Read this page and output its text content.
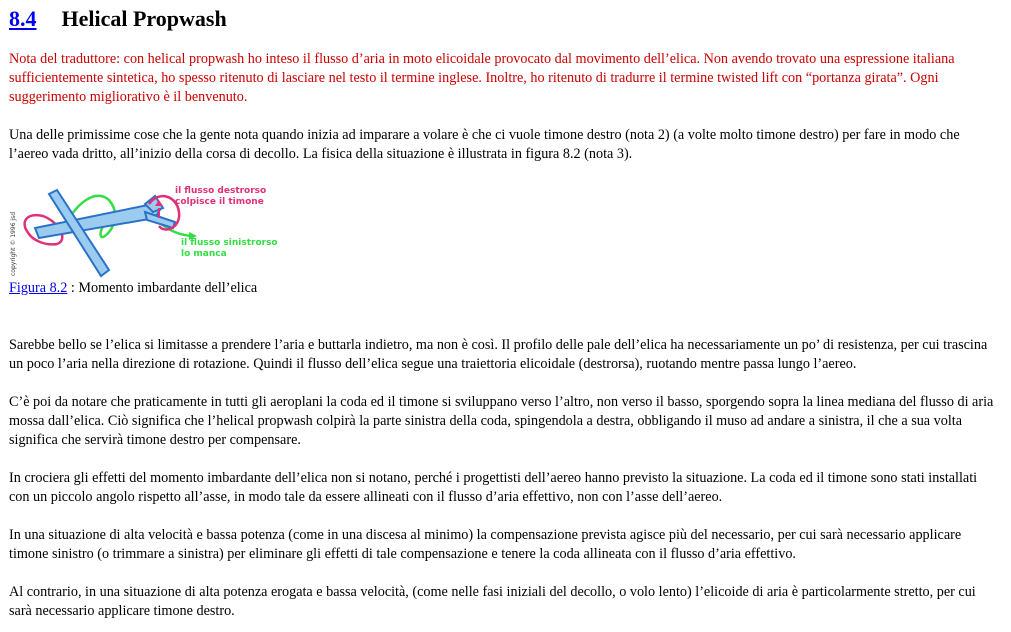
8.4 Helical Propwash

Nota del traduttore: con helical propwash ho inteso il flusso d’aria in moto elicoidale provocato dal movimento dell’elica. Non avendo trovato una espressione italiana sufficientemente sintetica, ho spesso ritenuto di lasciare nel testo il termine inglese. Inoltre, ho ritenuto di tradurre il termine twisted lift con “portanza girata”. Ogni suggerimento migliorativo è il benvenuto.

Una delle primissime cose che la gente nota quando inizia ad imparare a volare è che ci vuole timone destro (nota 2) (a volte molto timone destro) per fare in modo che l’aereo vada dritto, all’inizio della corsa di decollo. La fisica della situazione è illustrata in figura 8.2 (nota 3).

copyright © 1996 jsd
il flusso destrorso
colpisce il timone
il flusso sinistrorso
lo manca
Figura 8.2 : Momento imbardante dell’elica

Sarebbe bello se l’elica si limitasse a prendere l’aria e buttarla indietro, ma non è così. Il profilo delle pale dell’elica ha necessariamente un po’ di resistenza, per cui trascina un poco l’aria nella direzione di rotazione. Quindi il flusso dell’elica segue una traiettoria elicoidale (destrorsa), ruotando mentre passa lungo l’aereo.

C’è poi da notare che praticamente in tutti gli aeroplani la coda ed il timone si sviluppano verso l’altro, non verso il basso, sporgendo sopra la linea mediana del flusso di aria mossa dall’elica. Ciò significa che l’helical propwash colpirà la parte sinistra della coda, spingendola a destra, obbligando il muso ad andare a sinistra, il che a sua volta significa che servirà timone destro per compensare.

In crociera gli effetti del momento imbardante dell’elica non si notano, perché i progettisti dell’aereo hanno previsto la situazione. La coda ed il timone sono stati installati con un piccolo angolo rispetto all’asse, in modo tale da essere allineati con il flusso d’aria effettivo, non con l’asse dell’aereo.

In una situazione di alta velocità e bassa potenza (come in una discesa al minimo) la compensazione prevista agisce più del necessario, per cui sarà necessario applicare timone sinistro (o trimmare a sinistra) per eliminare gli effetti di tale compensazione e tenere la coda allineata con il flusso d’aria effettivo.

Al contrario, in una situazione di alta potenza erogata e bassa velocità, (come nelle fasi iniziali del decollo, o volo lento) l’elicoide di aria è particolarmente stretto, per cui sarà necessario applicare timone destro.
